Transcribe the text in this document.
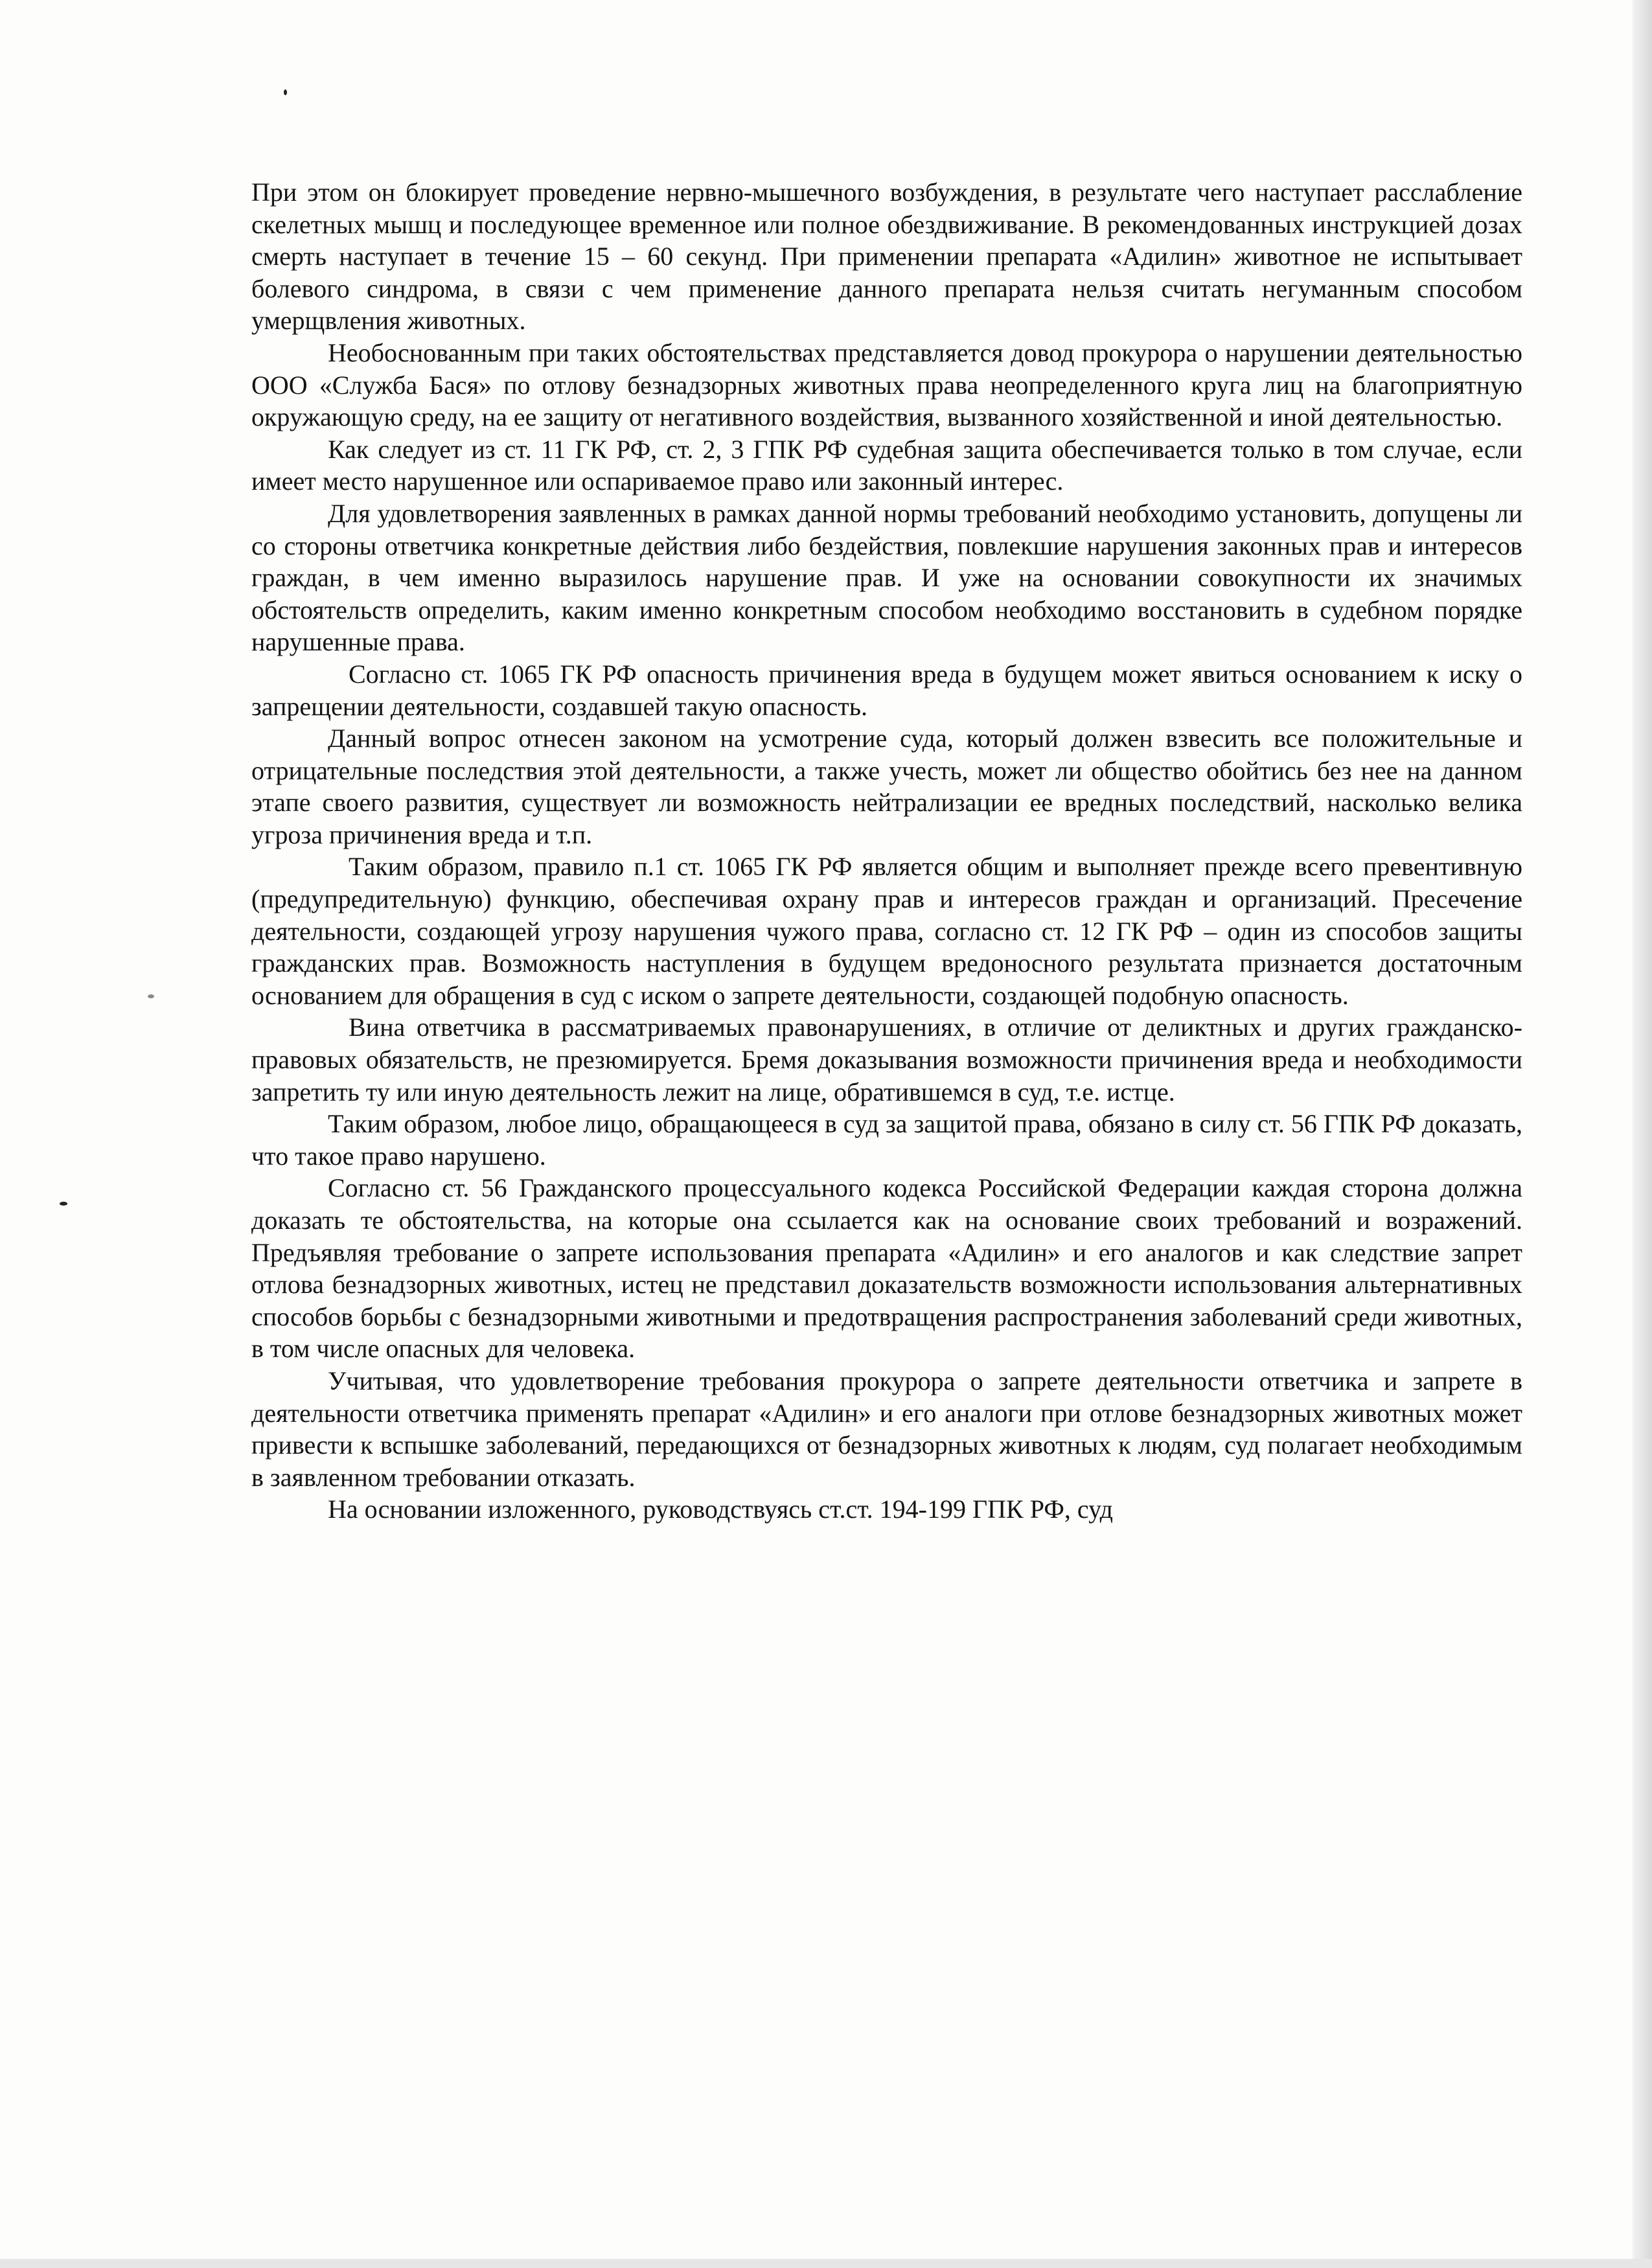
При этом он блокирует проведение нервно-мышечного возбуждения, в результате чего наступает расслабление скелетных мышц и последующее временное или полное обездвиживание. В рекомендованных инструкцией дозах смерть наступает в течение 15 – 60 секунд. При применении препарата «Адилин» животное не испытывает болевого синдрома, в связи с чем применение данного препарата нельзя считать негуманным способом умерщвления животных.

Необоснованным при таких обстоятельствах представляется довод прокурора о нарушении деятельностью ООО «Служба Бася» по отлову безнадзорных животных права неопределенного круга лиц на благоприятную окружающую среду, на ее защиту от негативного воздействия, вызванного хозяйственной и иной деятельностью.

Как следует из ст. 11 ГК РФ, ст. 2, 3 ГПК РФ судебная защита обеспечивается только в том случае, если имеет место нарушенное или оспариваемое право или законный интерес.

Для удовлетворения заявленных в рамках данной нормы требований необходимо установить, допущены ли со стороны ответчика конкретные действия либо бездействия, повлекшие нарушения законных прав и интересов граждан, в чем именно выразилось нарушение прав. И уже на основании совокупности их значимых обстоятельств определить, каким именно конкретным способом необходимо восстановить в судебном порядке нарушенные права.

Согласно ст. 1065 ГК РФ опасность причинения вреда в будущем может явиться основанием к иску о запрещении деятельности, создавшей такую опасность.

Данный вопрос отнесен законом на усмотрение суда, который должен взвесить все положительные и отрицательные последствия этой деятельности, а также учесть, может ли общество обойтись без нее на данном этапе своего развития, существует ли возможность нейтрализации ее вредных последствий, насколько велика угроза причинения вреда и т.п.

Таким образом, правило п.1 ст. 1065 ГК РФ является общим и выполняет прежде всего превентивную (предупредительную) функцию, обеспечивая охрану прав и интересов граждан и организаций. Пресечение деятельности, создающей угрозу нарушения чужого права, согласно ст. 12 ГК РФ – один из способов защиты гражданских прав. Возможность наступления в будущем вредоносного результата признается достаточным основанием для обращения в суд с иском о запрете деятельности, создающей подобную опасность.

Вина ответчика в рассматриваемых правонарушениях, в отличие от деликтных и других гражданско-правовых обязательств, не презюмируется. Бремя доказывания возможности причинения вреда и необходимости запретить ту или иную деятельность лежит на лице, обратившемся в суд, т.е. истце.

Таким образом, любое лицо, обращающееся в суд за защитой права, обязано в силу ст. 56 ГПК РФ доказать, что такое право нарушено.

Согласно ст. 56 Гражданского процессуального кодекса Российской Федерации каждая сторона должна доказать те обстоятельства, на которые она ссылается как на основание своих требований и возражений. Предъявляя требование о запрете использования препарата «Адилин» и его аналогов и как следствие запрет отлова безнадзорных животных, истец не представил доказательств возможности использования альтернативных способов борьбы с безнадзорными животными и предотвращения распространения заболеваний среди животных, в том числе опасных для человека.

Учитывая, что удовлетворение требования прокурора о запрете деятельности ответчика и запрете в деятельности ответчика применять препарат «Адилин» и его аналоги при отлове безнадзорных животных может привести к вспышке заболеваний, передающихся от безнадзорных животных к людям, суд полагает необходимым в заявленном требовании отказать.

На основании изложенного, руководствуясь ст.ст. 194-199 ГПК РФ, суд
